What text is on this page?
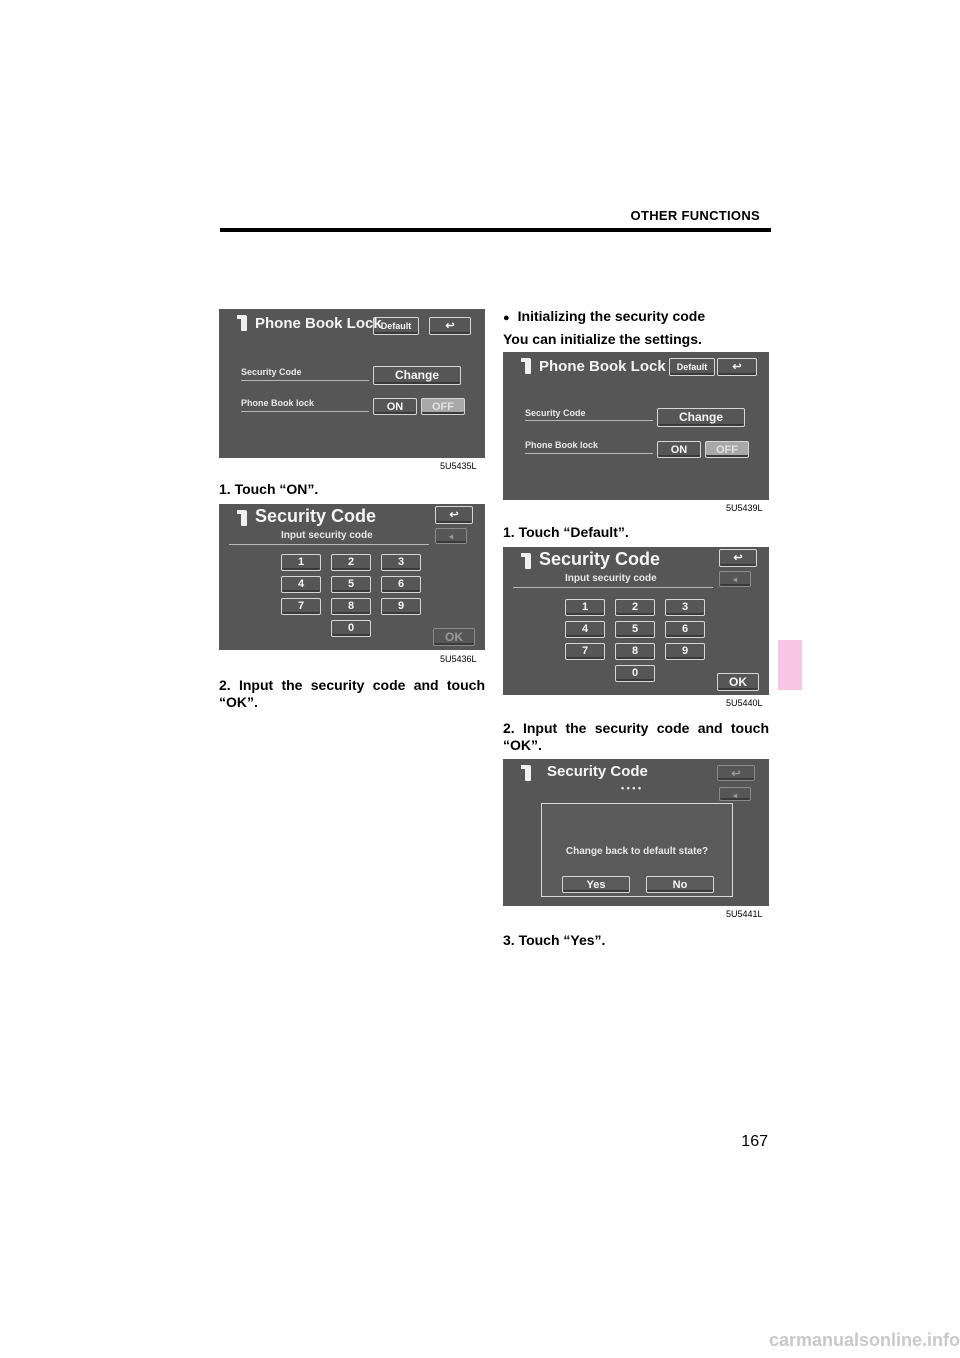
OTHER FUNCTIONS
167
carmanualsonline.info
Phone Book Lock Default	↩
Security Code	Change
Phone Book lock	ON	OFF
5U5435L
1. Touch “ON”.
Security Code	↩
Input security code	◂
1	2	3
4	5	6
7	8	9
0
OK
5U5436L
2. Input the security code and touch
“OK”.
● Initializing the security code
You can initialize the settings.
Phone Book Lock	Default	↩
Security Code	Change
Phone Book lock	ON	OFF
5U5439L
1. Touch “Default”.
Security Code	↩
Input security code	◂
1	2	3
4	5	6
7	8	9
0
OK
5U5440L
2. Input the security code and touch
“OK”.
Security Code	↩
• • • •
◂
Change back to default state?
Yes	No
5U5441L
3. Touch “Yes”.
